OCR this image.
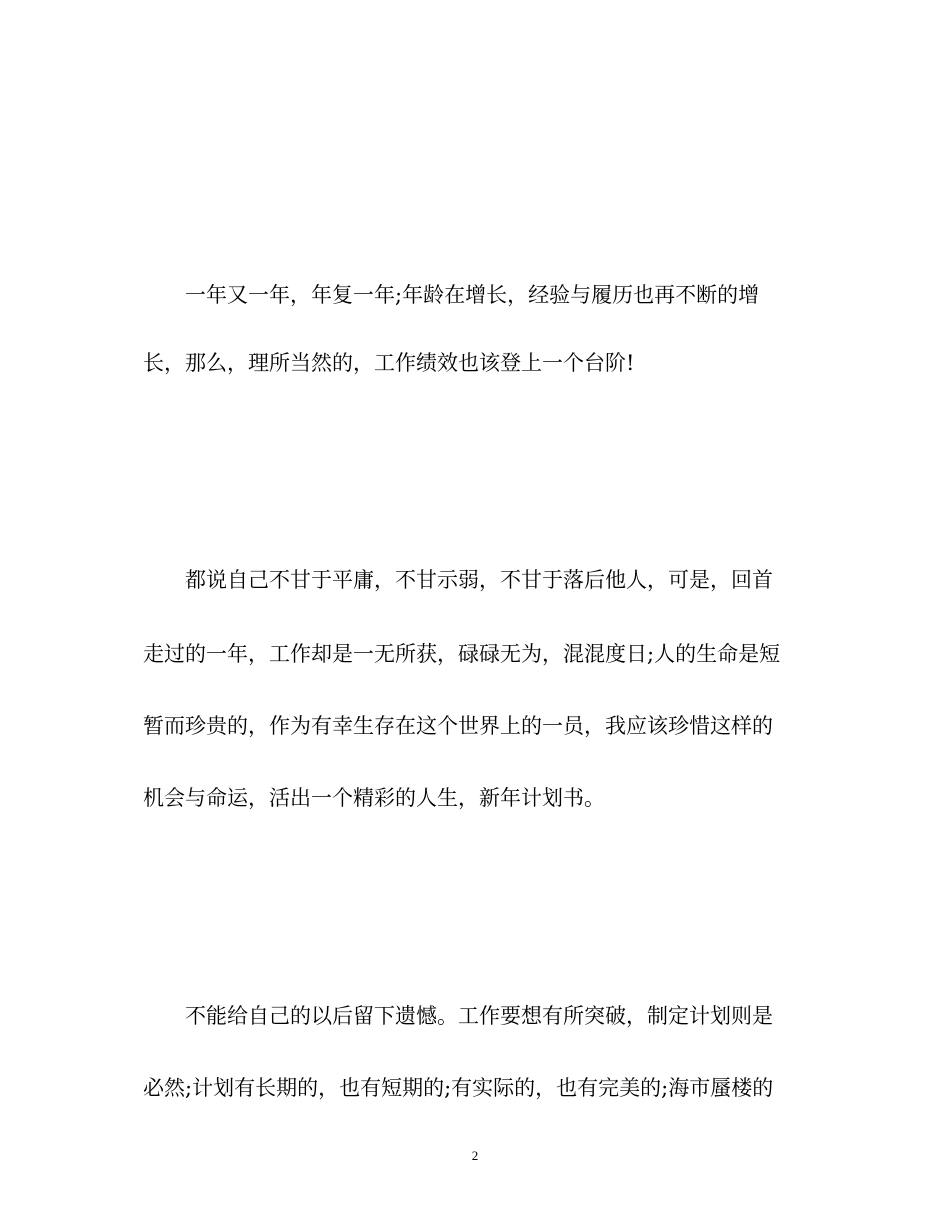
一年又一年，年复一年;年龄在增长，经验与履历也再不断的增
长，那么，理所当然的，工作绩效也该登上一个台阶!
都说自己不甘于平庸，不甘示弱，不甘于落后他人，可是，回首
走过的一年，工作却是一无所获，碌碌无为，混混度日;人的生命是短
暂而珍贵的，作为有幸生存在这个世界上的一员，我应该珍惜这样的
机会与命运，活出一个精彩的人生，新年计划书。
不能给自己的以后留下遗憾。工作要想有所突破，制定计划则是
必然;计划有长期的，也有短期的;有实际的，也有完美的;海市蜃楼的
2
